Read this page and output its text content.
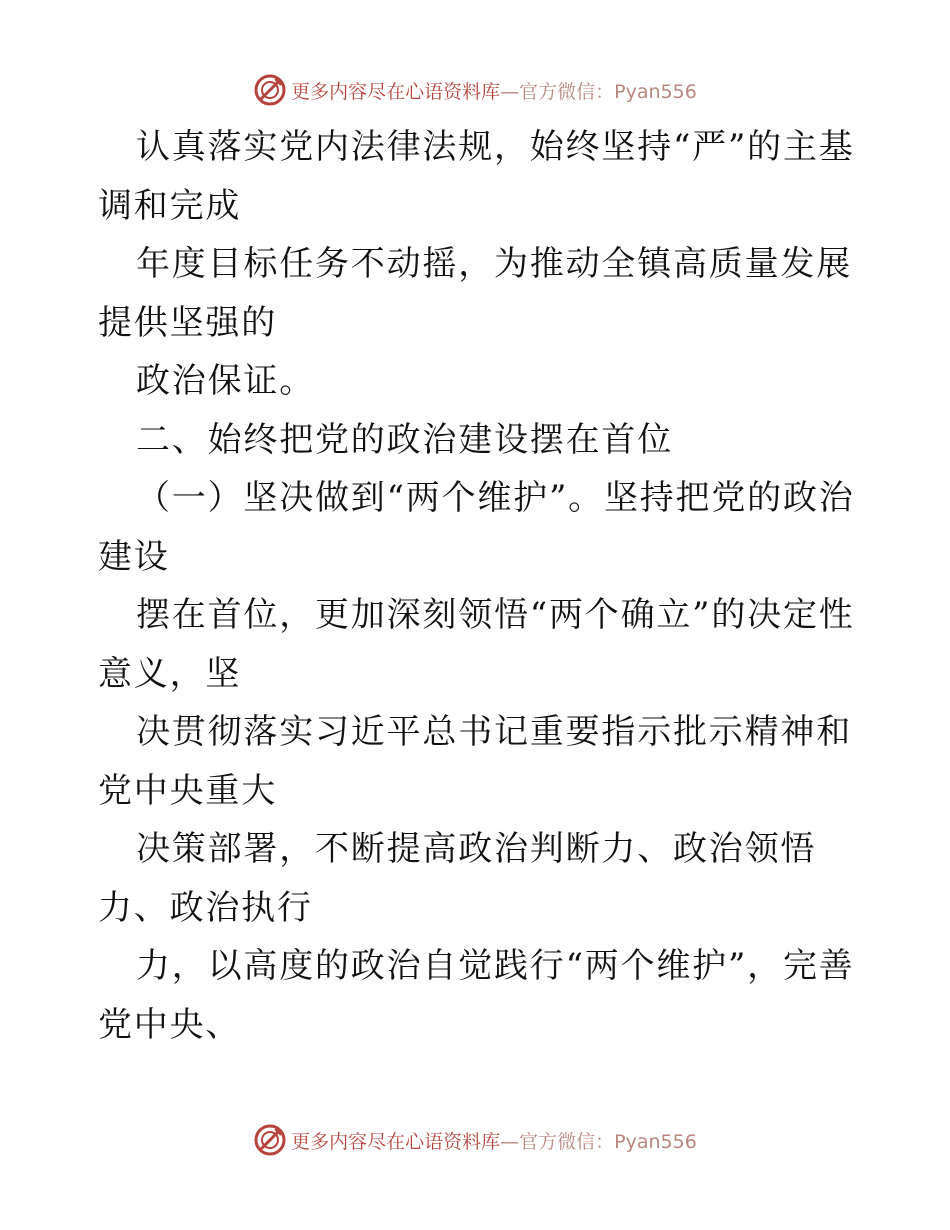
更多内容尽在心语资料库 —官方微信：Pyan556

认真落实党内法律法规，始终坚持“严”的主基调和完成

年度目标任务不动摇，为推动全镇高质量发展提供坚强的

政治保证。

二、始终把党的政治建设摆在首位

（一）坚决做到“两个维护”。坚持把党的政治建设

摆在首位，更加深刻领悟“两个确立”的决定性意义，坚

决贯彻落实习近平总书记重要指示批示精神和党中央重大

决策部署，不断提高政治判断力、政治领悟力、政治执行

力，以高度的政治自觉践行“两个维护”，完善党中央、

更多内容尽在心语资料库 —官方微信：Pyan556
